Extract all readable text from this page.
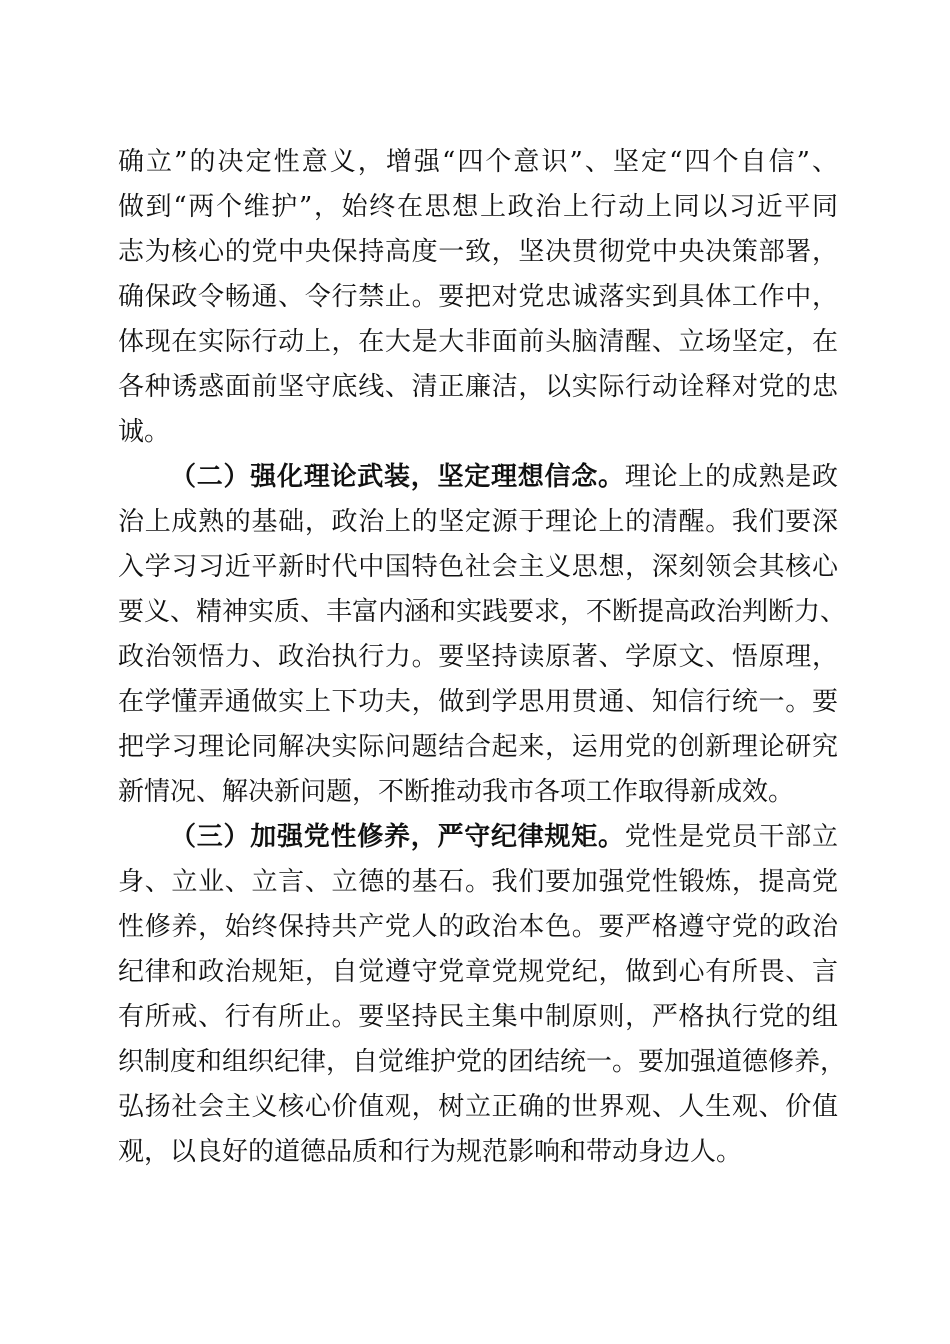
确立”的决定性意义，增强“四个意识”、坚定“四个自信”、
做到“两个维护”，始终在思想上政治上行动上同以习近平同
志为核心的党中央保持高度一致，坚决贯彻党中央决策部署，
确保政令畅通、令行禁止。要把对党忠诚落实到具体工作中，
体现在实际行动上，在大是大非面前头脑清醒、立场坚定，在
各种诱惑面前坚守底线、清正廉洁，以实际行动诠释对党的忠
诚。
（二）强化理论武装，坚定理想信念。理论上的成熟是政
治上成熟的基础，政治上的坚定源于理论上的清醒。我们要深
入学习习近平新时代中国特色社会主义思想，深刻领会其核心
要义、精神实质、丰富内涵和实践要求，不断提高政治判断力、
政治领悟力、政治执行力。要坚持读原著、学原文、悟原理，
在学懂弄通做实上下功夫，做到学思用贯通、知信行统一。要
把学习理论同解决实际问题结合起来，运用党的创新理论研究
新情况、解决新问题，不断推动我市各项工作取得新成效。
（三）加强党性修养，严守纪律规矩。党性是党员干部立
身、立业、立言、立德的基石。我们要加强党性锻炼，提高党
性修养，始终保持共产党人的政治本色。要严格遵守党的政治
纪律和政治规矩，自觉遵守党章党规党纪，做到心有所畏、言
有所戒、行有所止。要坚持民主集中制原则，严格执行党的组
织制度和组织纪律，自觉维护党的团结统一。要加强道德修养，
弘扬社会主义核心价值观，树立正确的世界观、人生观、价值
观，以良好的道德品质和行为规范影响和带动身边人。
